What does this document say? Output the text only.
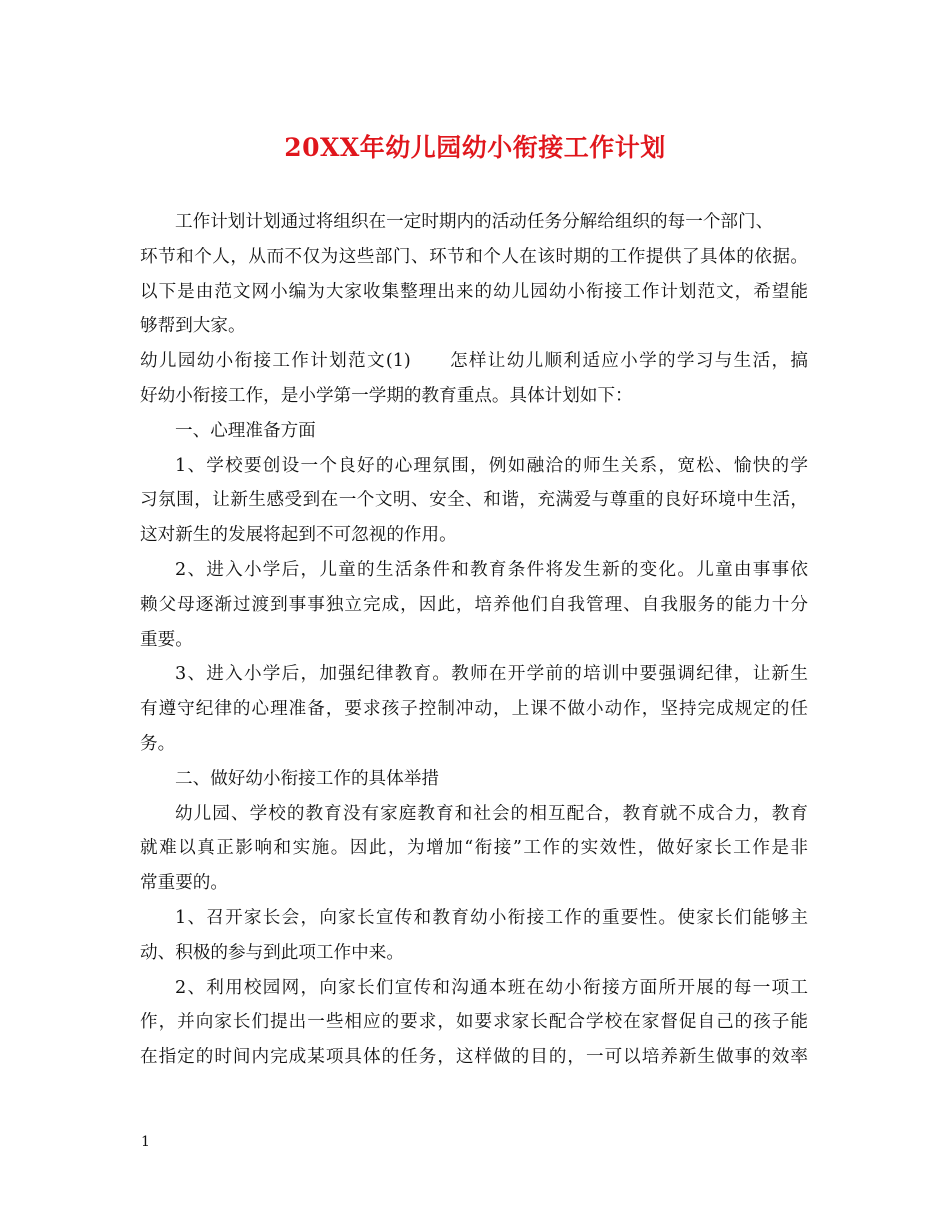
20XX年幼儿园幼小衔接工作计划
工作计划计划通过将组织在一定时期内的活动任务分解给组织的每一个部门、
环节和个人，从而不仅为这些部门、环节和个人在该时期的工作提供了具体的依据。
以下是由范文网小编为大家收集整理出来的幼儿园幼小衔接工作计划范文，希望能
够帮到大家。
幼儿园幼小衔接工作计划范文(1)　　怎样让幼儿顺利适应小学的学习与生活，搞
好幼小衔接工作，是小学第一学期的教育重点。具体计划如下：
一、心理准备方面
1、学校要创设一个良好的心理氛围，例如融洽的师生关系，宽松、愉快的学
习氛围，让新生感受到在一个文明、安全、和谐，充满爱与尊重的良好环境中生活，
这对新生的发展将起到不可忽视的作用。
2、进入小学后，儿童的生活条件和教育条件将发生新的变化。儿童由事事依
赖父母逐渐过渡到事事独立完成，因此，培养他们自我管理、自我服务的能力十分
重要。
3、进入小学后，加强纪律教育。教师在开学前的培训中要强调纪律，让新生
有遵守纪律的心理准备，要求孩子控制冲动，上课不做小动作，坚持完成规定的任
务。
二、做好幼小衔接工作的具体举措
幼儿园、学校的教育没有家庭教育和社会的相互配合，教育就不成合力，教育
就难以真正影响和实施。因此，为增加“衔接”工作的实效性，做好家长工作是非
常重要的。
1、召开家长会，向家长宣传和教育幼小衔接工作的重要性。使家长们能够主
动、积极的参与到此项工作中来。
2、利用校园网，向家长们宣传和沟通本班在幼小衔接方面所开展的每一项工
作，并向家长们提出一些相应的要求，如要求家长配合学校在家督促自己的孩子能
在指定的时间内完成某项具体的任务，这样做的目的，一可以培养新生做事的效率
1
